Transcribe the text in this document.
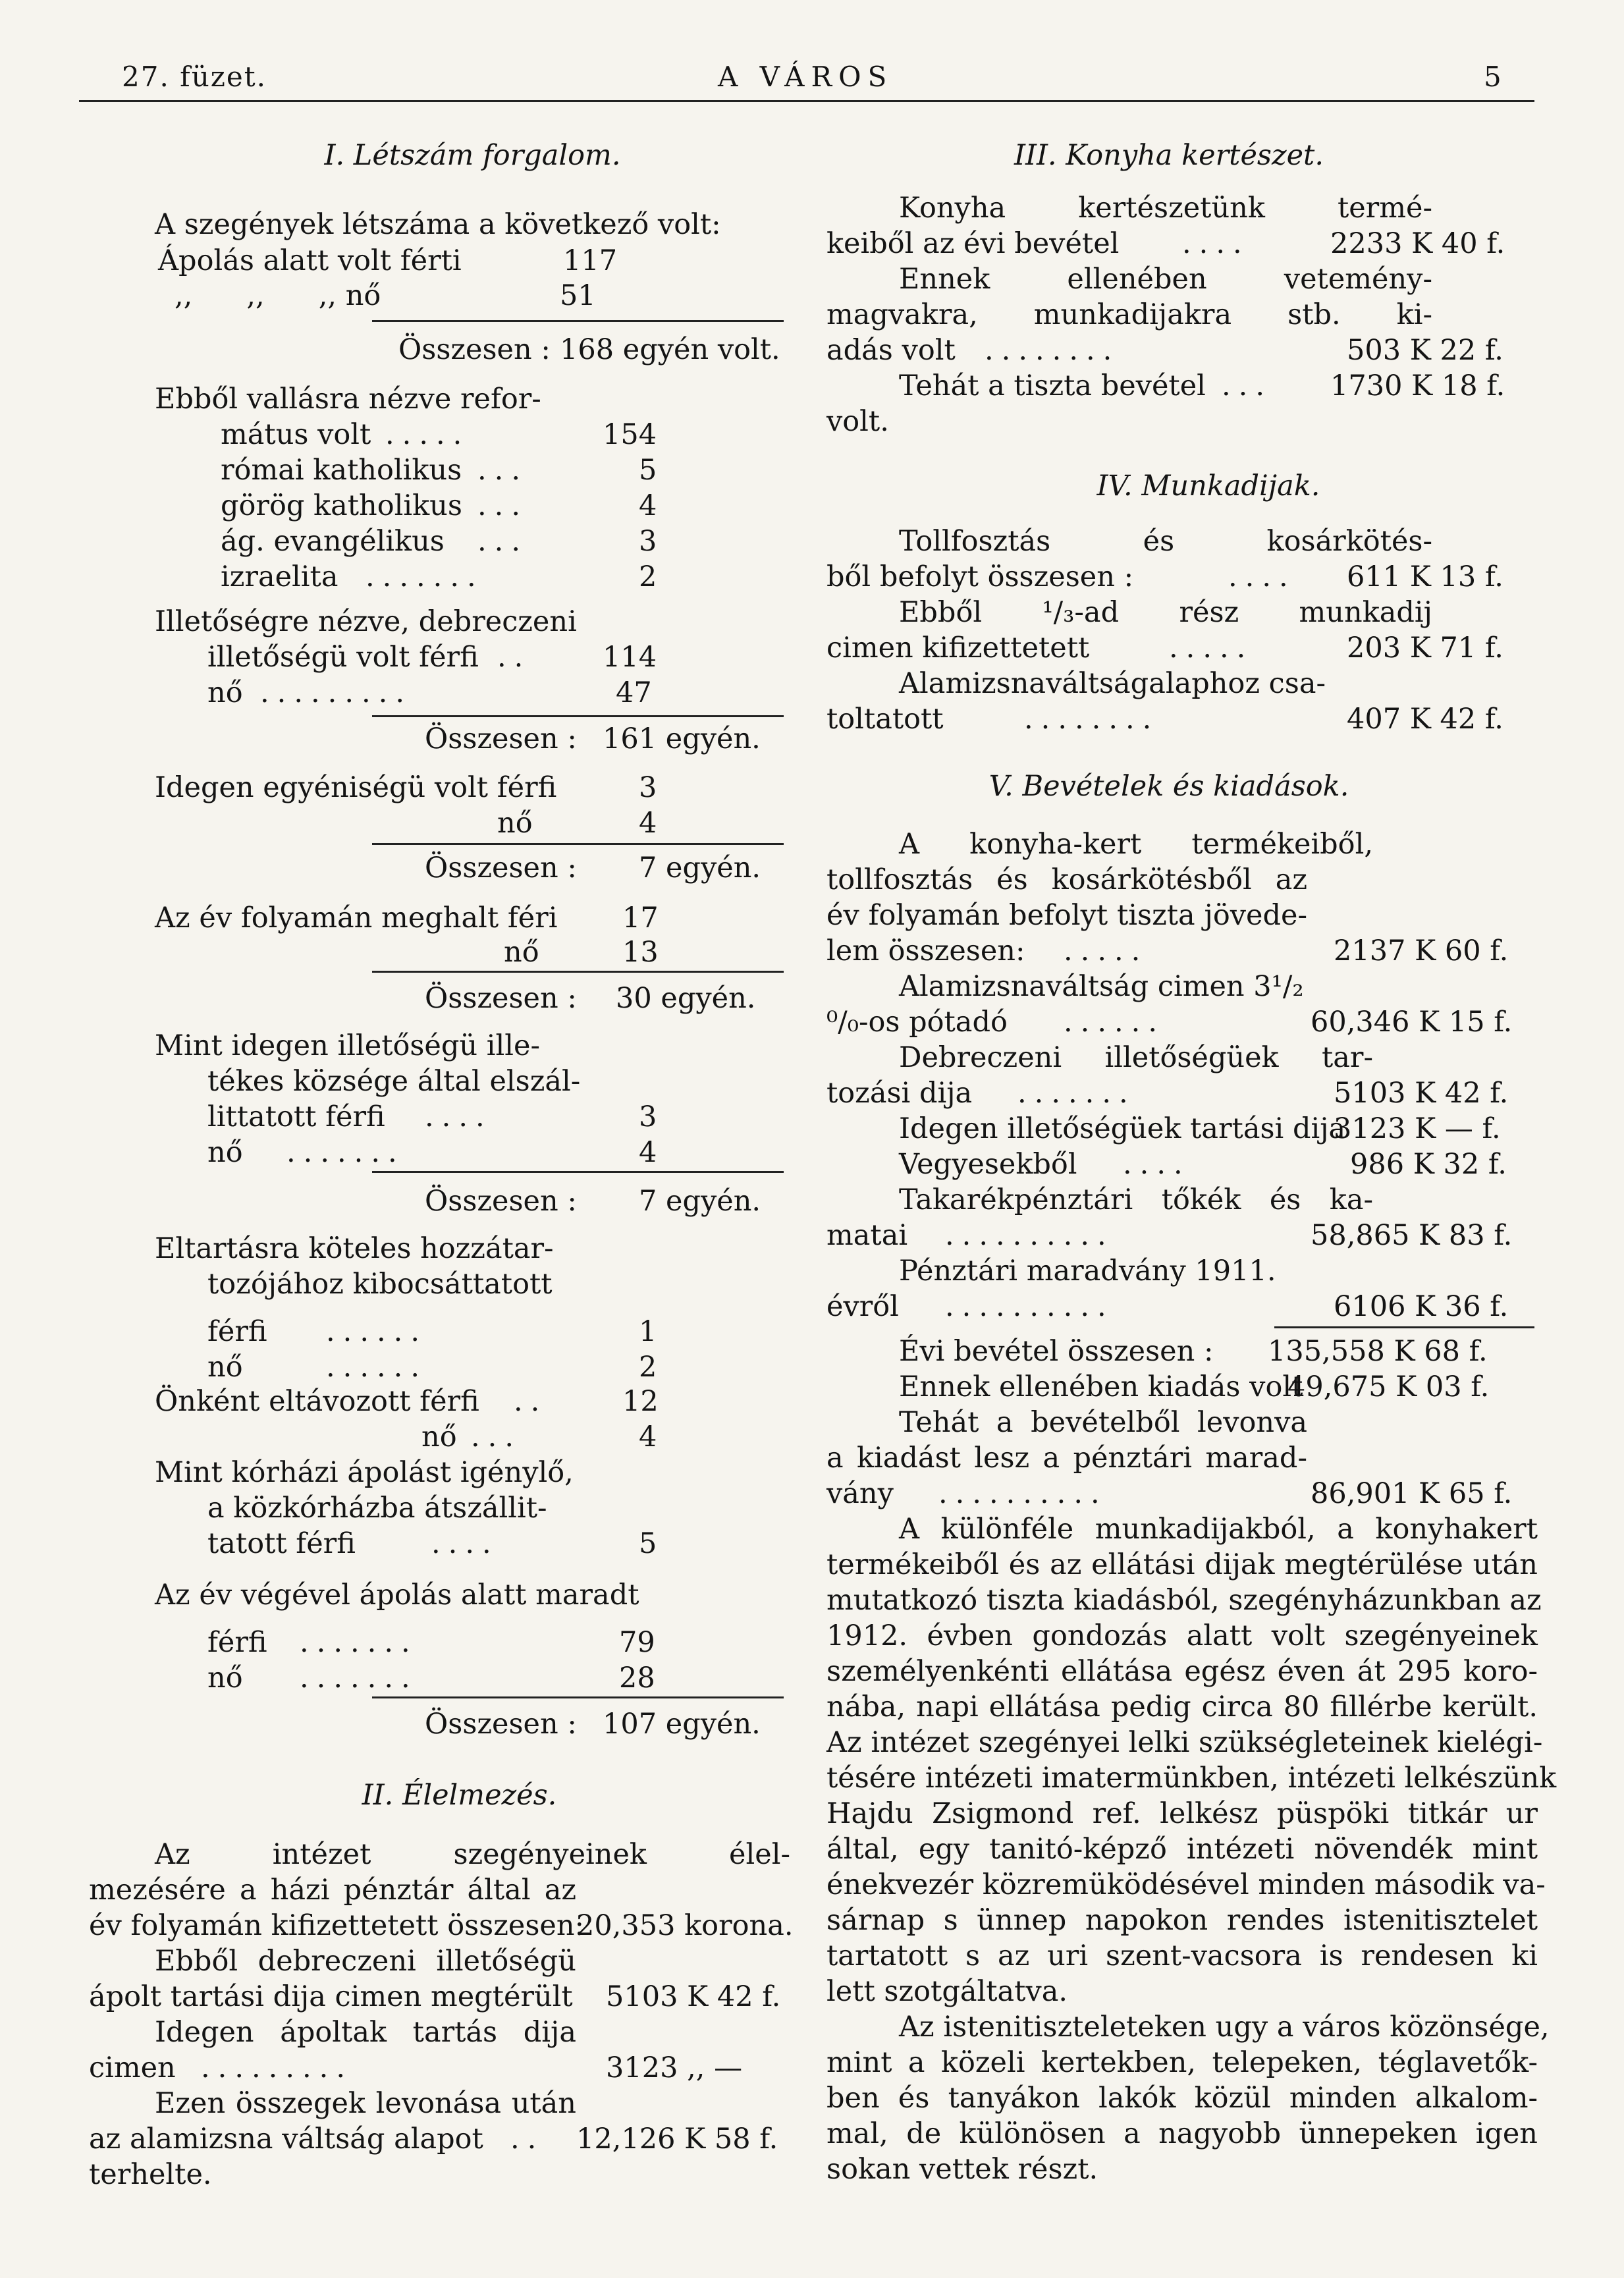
27. füzet.	A VÁROS	5
I. Létszám forgalom.
A szegények létszáma a következő volt:
Ápolás alatt volt férti	117
,,      ,,      ,, nő	51
Összesen : 168 egyén volt.
Ebből vallásra nézve refor-
mátus volt .....	154
római katholikus ...	5
görög katholikus ...	4
ág. evangélikus ...	3
izraelita .......	2
Illetőségre nézve, debreczeni
illetőségü volt férfi ..	114
nő .........	47
Összesen : 161 egyén.
Idegen egyéniségü volt férfi	3
nő	4
Összesen : 7 egyén.
Az év folyamán meghalt féri 17
nő	13
Összesen : 30 egyén.
Mint idegen illetőségü ille-
tékes községe által elszál-
littatott férfi ....	3
nő .......	4
Összesen : 7 egyén.
Eltartásra köteles hozzátar-
tozójához kibocsáttatott
férfi ......	1
nő	......	2
Önként eltávozott férfi ..	12
nő ...	4
Mint kórházi ápolást igénylő,
a közkórházba átszállit-
tatott férfi	....	5
Az év végével ápolás alatt maradt
férfi .......	79
nő .......	28
Összesen : 107 egyén.
II. Élelmezés.
Az intézet szegényeinek élel-
mezésére a házi pénztár által az
év folyamán kifizettetett összesen:
20,353 korona.
Ebből debreczeni illetőségü
ápolt tartási dija cimen megtérült 5103 K 42 f.
Idegen ápoltak tartás dija
cimen .........	3123 ,, —
Ezen összegek levonása után
az alamizsna váltság alapot .. 12,126 K 58 f.
terhelte.
III. Konyha kertészet.
Konyha kertészetünk termé-
keiből az évi bevétel ....	2233 K 40 f.
Ennek ellenében vetemény-
magvakra, munkadijakra stb. ki-
adás volt ........	503 K 22 f.
Tehát a tiszta bevétel ... 1730 K 18 f.
volt.
IV. Munkadijak.
Tollfosztás és kosárkötés-
ből befolyt összesen :	.... 611 K 13 f.
Ebből ¹/₃-ad rész munkadij
cimen kifizettetett	.....	203 K 71 f.
Alamizsnaváltságalaphoz csa-
toltatott	........	407 K 42 f.
V. Bevételek és kiadások.
A konyha-kert termékeiből,
tollfosztás és kosárkötésből az
év folyamán befolyt tiszta jövede-
lem összesen: .....	2137 K 60 f.
Alamizsnaváltság cimen 3¹/₂
⁰/₀-os pótadó ......	60,346 K 15 f.
Debreczeni illetőségüek tar-
tozási dija .......	5103 K 42 f.
Idegen illetőségüek tartási dija
3123 K — f.
Vegyesekből ....	986 K 32 f.
Takarékpénztári tőkék és ka-
matai ..........	58,865 K 83 f.
Pénztári maradvány 1911.
évről ..........	6106 K 36 f.
Évi bevétel összesen : 135,558 K 68 f.
Ennek ellenében kiadás volt
49,675 K 03 f.
Tehát a bevételből levonva
a kiadást lesz a pénztári marad-
vány ..........	86,901 K 65 f.
A különféle munkadijakból, a konyhakert
termékeiből és az ellátási dijak megtérülése után
mutatkozó tiszta kiadásból, szegényházunkban az
1912. évben gondozás alatt volt szegényeinek
személyenkénti ellátása egész éven át 295 koro-
nába, napi ellátása pedig circa 80 fillérbe került.
Az intézet szegényei lelki szükségleteinek kielégi-
tésére intézeti imatermünkben, intézeti lelkészünk
Hajdu Zsigmond ref. lelkész püspöki titkár ur
által, egy tanitó-képző intézeti növendék mint
énekvezér közremüködésével minden második va-
sárnap s ünnep napokon rendes istenitisztelet
tartatott s az uri szent-vacsora is rendesen ki
lett szotgáltatva.
Az istenitiszteleteken ugy a város közönsége,
mint a közeli kertekben, telepeken, téglavetők-
ben és tanyákon lakók közül minden alkalom-
mal, de különösen a nagyobb ünnepeken igen
sokan vettek részt.
